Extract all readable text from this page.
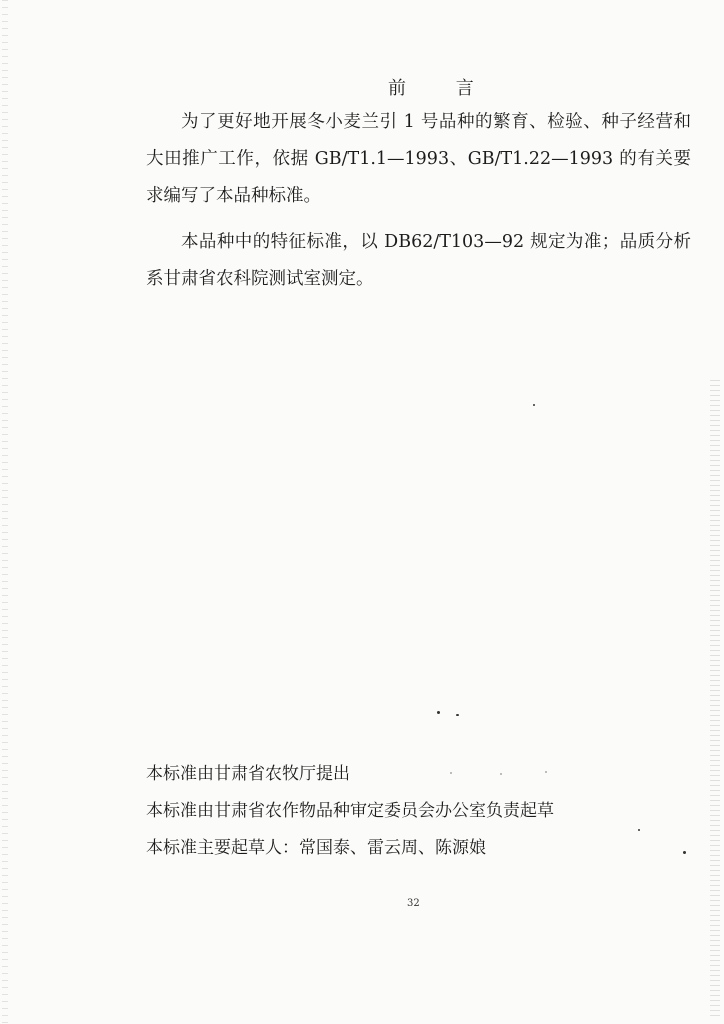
前 言

为了更好地开展冬小麦兰引 1 号品种的繁育、检验、种子经营和大田推广工作，依据 GB/T1.1—1993、GB/T1.22—1993 的有关要求编写了本品种标准。

本品种中的特征标准，以 DB62/T103—92 规定为准；品质分析系甘肃省农科院测试室测定。

本标准由甘肃省农牧厅提出
本标准由甘肃省农作物品种审定委员会办公室负责起草
本标准主要起草人：常国泰、雷云周、陈源娘
32
